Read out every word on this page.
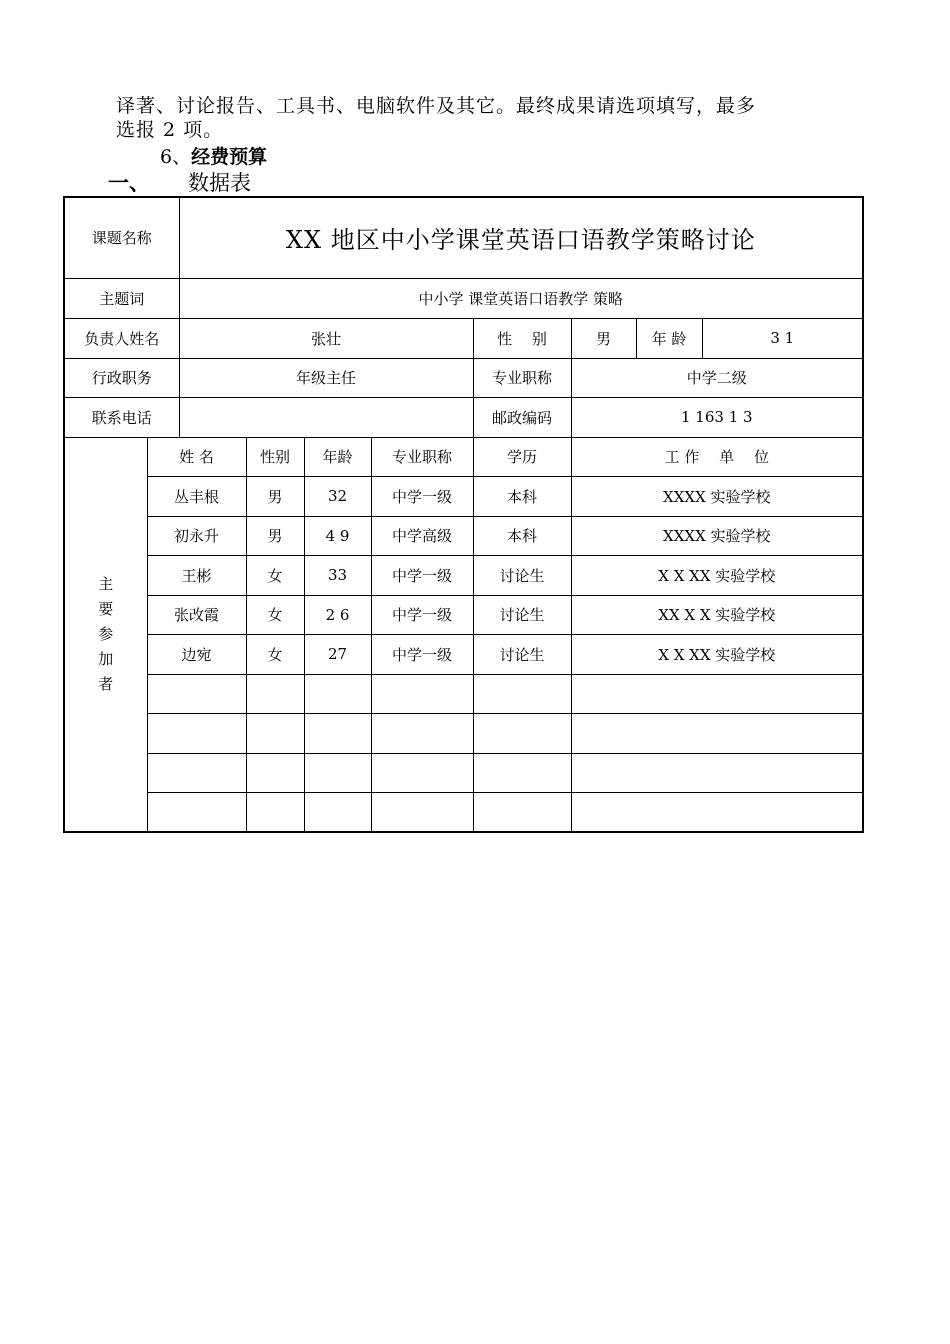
译著、讨论报告、工具书、电脑软件及其它。最终成果请选项填写，最多
选报 2 项。
6、经费预算
一、 数据表
课题名称		XX 地区中小学课堂英语口语教学策略讨论							
主题词		中小学 课堂英语口语教学 策略							
负责人姓名		张壮				性　 别	男	年 龄	3 1
行政职务		年级主任				专业职称	中学二级		
联系电话						邮政编码	1 163 1 3		

主 要 参 加 者	姓 名		性别	年龄	专业职称	学历	工 作　 单　 位		
	丛丰根		男	32	中学一级	本科	XXXX 实验学校		
	初永升		男	4 9	中学高级	本科	XXXX 实验学校		
	王彬		女	33	中学一级	讨论生	X X XX 实验学校		
	张改霞		女	2 6	中学一级	讨论生	XX X X 实验学校		
	边宛		女	27	中学一级	讨论生	X X XX 实验学校		
